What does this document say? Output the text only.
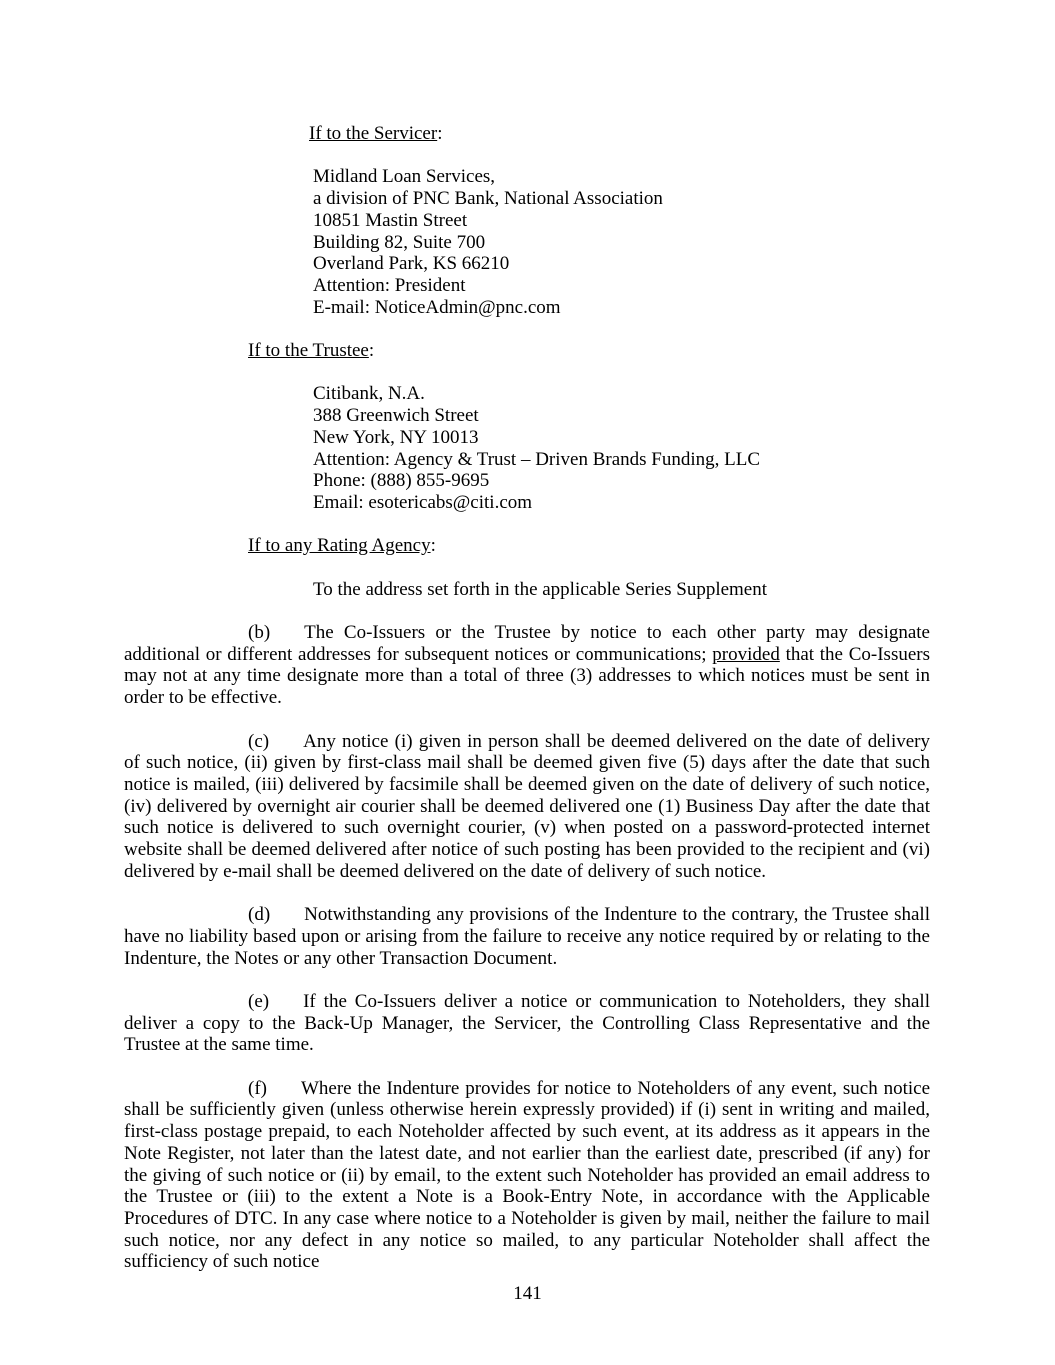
If to the Servicer:

Midland Loan Services,

a division of PNC Bank, National Association

10851 Mastin Street

Building 82, Suite 700

Overland Park, KS 66210

Attention: President

E-mail: NoticeAdmin@pnc.com

If to the Trustee:

Citibank, N.A.

388 Greenwich Street

New York, NY 10013

Attention: Agency & Trust – Driven Brands Funding, LLC

Phone: (888) 855-9695

Email: esotericabs@citi.com

If to any Rating Agency:

To the address set forth in the applicable Series Supplement

(b) The Co-Issuers or the Trustee by notice to each other party may designate additional or different addresses for subsequent notices or communications; provided that the Co-Issuers may not at any time designate more than a total of three (3) addresses to which notices must be sent in order to be effective.

(c) Any notice (i) given in person shall be deemed delivered on the date of delivery of such notice, (ii) given by first-class mail shall be deemed given five (5) days after the date that such notice is mailed, (iii) delivered by facsimile shall be deemed given on the date of delivery of such notice, (iv) delivered by overnight air courier shall be deemed delivered one (1) Business Day after the date that such notice is delivered to such overnight courier, (v) when posted on a password-protected internet website shall be deemed delivered after notice of such posting has been provided to the recipient and (vi) delivered by e-mail shall be deemed delivered on the date of delivery of such notice.

(d) Notwithstanding any provisions of the Indenture to the contrary, the Trustee shall have no liability based upon or arising from the failure to receive any notice required by or relating to the Indenture, the Notes or any other Transaction Document.

(e) If the Co-Issuers deliver a notice or communication to Noteholders, they shall deliver a copy to the Back-Up Manager, the Servicer, the Controlling Class Representative and the Trustee at the same time.

(f) Where the Indenture provides for notice to Noteholders of any event, such notice shall be sufficiently given (unless otherwise herein expressly provided) if (i) sent in writing and mailed, first-class postage prepaid, to each Noteholder affected by such event, at its address as it appears in the Note Register, not later than the latest date, and not earlier than the earliest date, prescribed (if any) for the giving of such notice or (ii) by email, to the extent such Noteholder has provided an email address to the Trustee or (iii) to the extent a Note is a Book-Entry Note, in accordance with the Applicable Procedures of DTC. In any case where notice to a Noteholder is given by mail, neither the failure to mail such notice, nor any defect in any notice so mailed, to any particular Noteholder shall affect the sufficiency of such notice

141
